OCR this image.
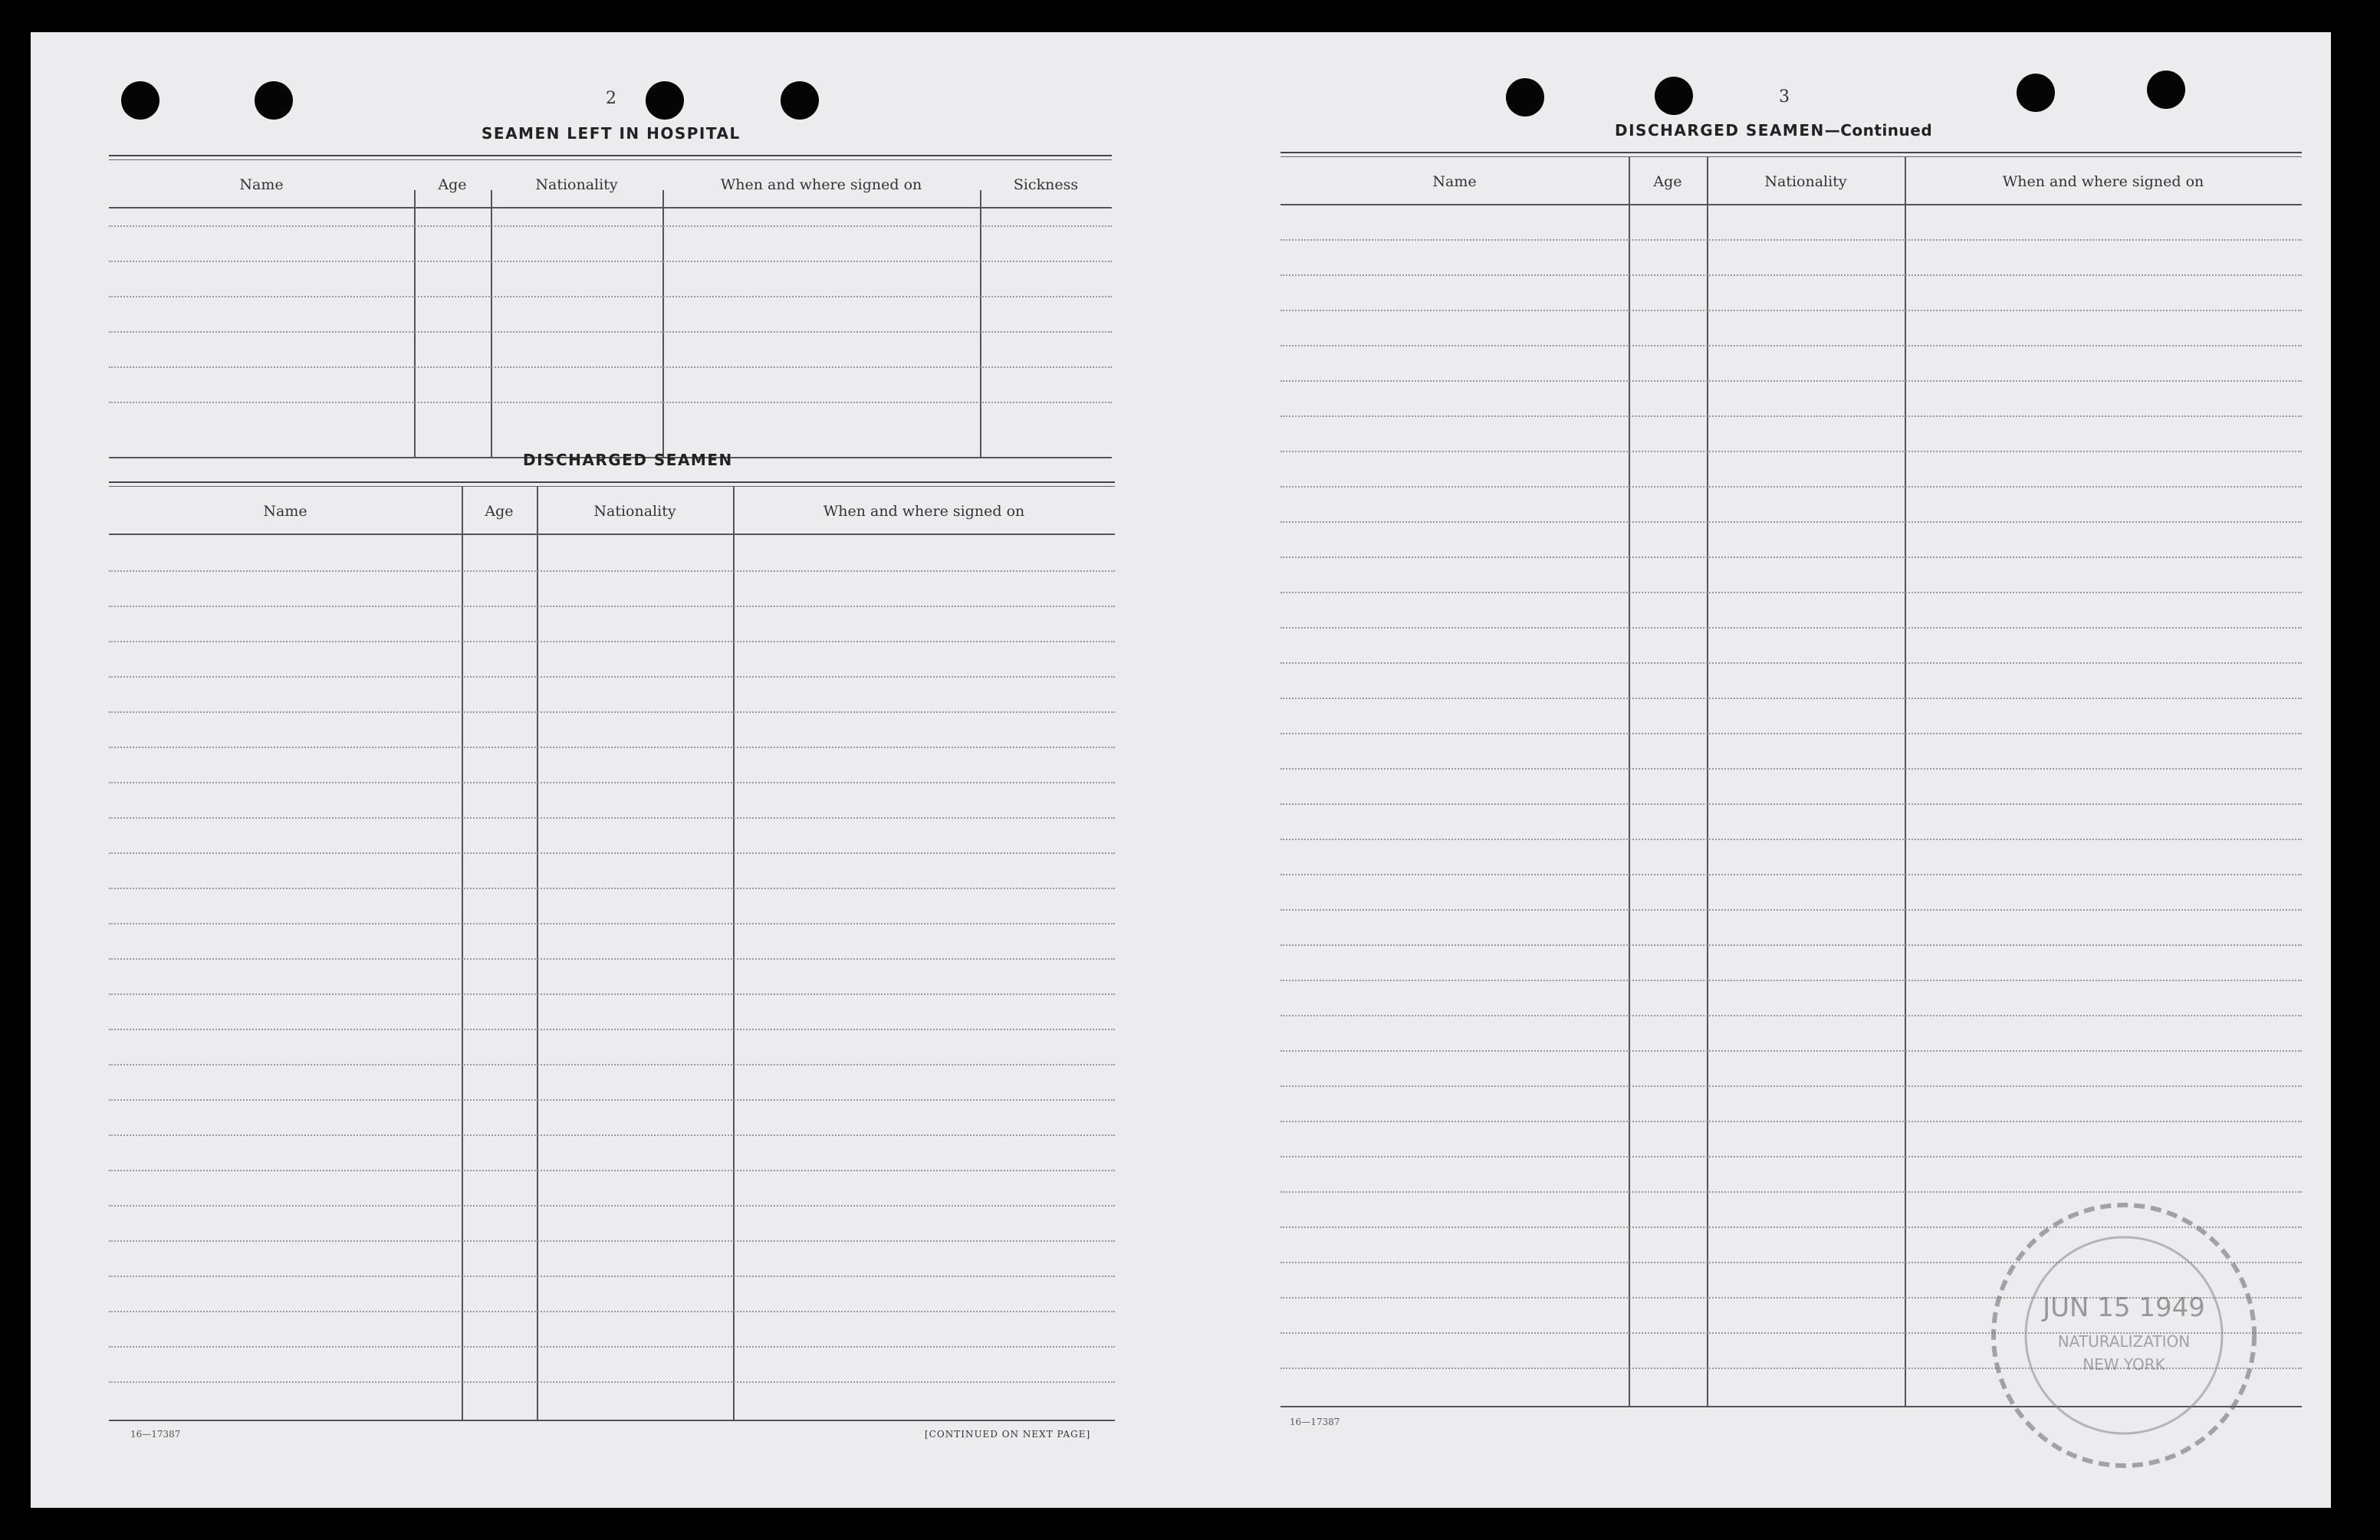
2
SEAMEN LEFT IN HOSPITAL
Name	Age	Nationality	When and where signed on	Sickness
DISCHARGED SEAMEN
Name	Age	Nationality	When and where signed on
16—17387	[CONTINUED ON NEXT PAGE]
3
DISCHARGED SEAMEN—Continued
Name	Age	Nationality	When and where signed on
16—17387
JUN 15 1949
NATURALIZATION
NEW YORK
